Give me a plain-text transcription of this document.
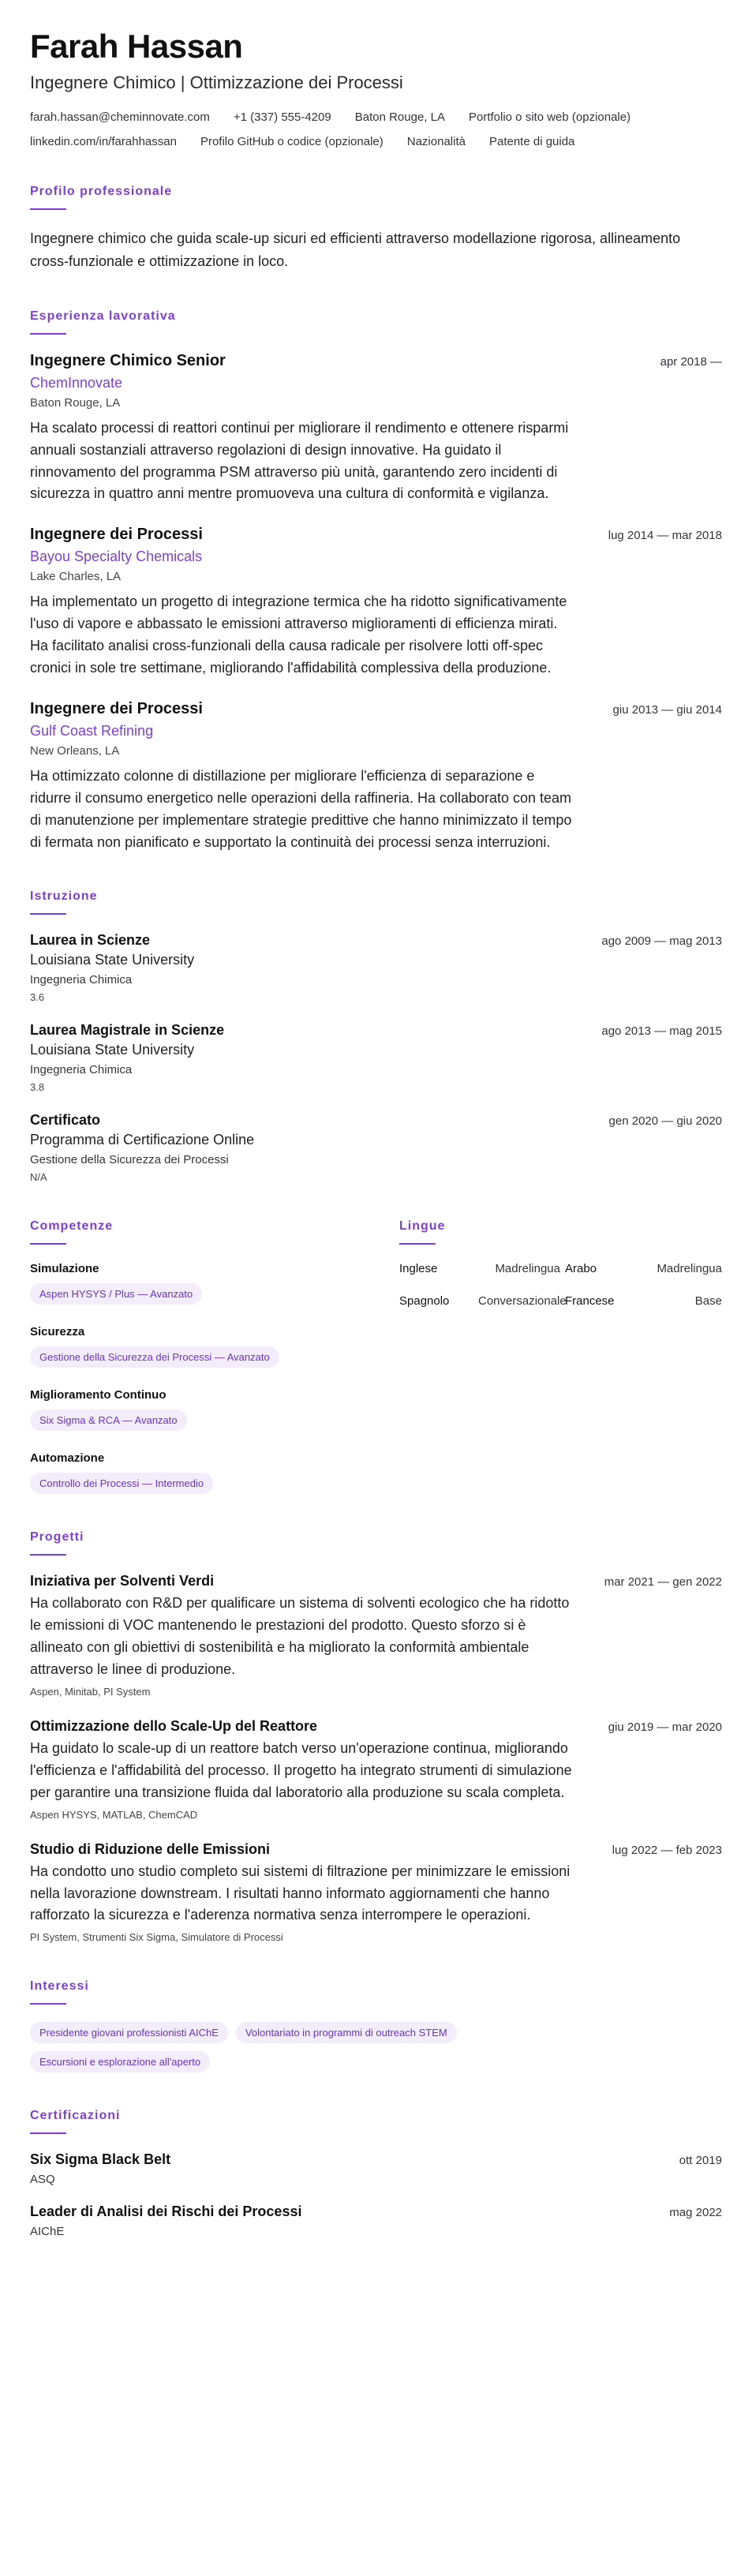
Farah Hassan
Ingegnere Chimico | Ottimizzazione dei Processi
farah.hassan@cheminnovate.com +1 (337) 555-4209 Baton Rouge, LA Portfolio o sito web (opzionale)
linkedin.com/in/farahhassan Profilo GitHub o codice (opzionale) Nazionalità Patente di guida
Profilo professionale
Ingegnere chimico che guida scale-up sicuri ed efficienti attraverso modellazione rigorosa, allineamento cross-funzionale e ottimizzazione in loco.
Esperienza lavorativa
Ingegnere Chimico Senior	apr 2018 —
ChemInnovate
Baton Rouge, LA
Ha scalato processi di reattori continui per migliorare il rendimento e ottenere risparmi annuali sostanziali attraverso regolazioni di design innovative. Ha guidato il rinnovamento del programma PSM attraverso più unità, garantendo zero incidenti di sicurezza in quattro anni mentre promuoveva una cultura di conformità e vigilanza.
Ingegnere dei Processi	lug 2014 — mar 2018
Bayou Specialty Chemicals
Lake Charles, LA
Ha implementato un progetto di integrazione termica che ha ridotto significativamente l'uso di vapore e abbassato le emissioni attraverso miglioramenti di efficienza mirati. Ha facilitato analisi cross-funzionali della causa radicale per risolvere lotti off-spec cronici in sole tre settimane, migliorando l'affidabilità complessiva della produzione.
Ingegnere dei Processi	giu 2013 — giu 2014
Gulf Coast Refining
New Orleans, LA
Ha ottimizzato colonne di distillazione per migliorare l'efficienza di separazione e ridurre il consumo energetico nelle operazioni della raffineria. Ha collaborato con team di manutenzione per implementare strategie predittive che hanno minimizzato il tempo di fermata non pianificato e supportato la continuità dei processi senza interruzioni.
Istruzione
Laurea in Scienze	ago 2009 — mag 2013
Louisiana State University
Ingegneria Chimica
3.6
Laurea Magistrale in Scienze	ago 2013 — mag 2015
Louisiana State University
Ingegneria Chimica
3.8
Certificato	gen 2020 — giu 2020
Programma di Certificazione Online
Gestione della Sicurezza dei Processi
N/A
Competenze
Simulazione
Aspen HYSYS / Plus — Avanzato
Sicurezza
Gestione della Sicurezza dei Processi — Avanzato
Miglioramento Continuo
Six Sigma & RCA — Avanzato
Automazione
Controllo dei Processi — Intermedio
Lingue
Inglese	Madrelingua Arabo	Madrelingua
Spagnolo	Conversazionale
Francese	Base
Progetti
Iniziativa per Solventi Verdi	mar 2021 — gen 2022
Ha collaborato con R&D per qualificare un sistema di solventi ecologico che ha ridotto le emissioni di VOC mantenendo le prestazioni del prodotto. Questo sforzo si è allineato con gli obiettivi di sostenibilità e ha migliorato la conformità ambientale attraverso le linee di produzione.
Aspen, Minitab, PI System
Ottimizzazione dello Scale-Up del Reattore	giu 2019 — mar 2020
Ha guidato lo scale-up di un reattore batch verso un'operazione continua, migliorando l'efficienza e l'affidabilità del processo. Il progetto ha integrato strumenti di simulazione per garantire una transizione fluida dal laboratorio alla produzione su scala completa.
Aspen HYSYS, MATLAB, ChemCAD
Studio di Riduzione delle Emissioni	lug 2022 — feb 2023
Ha condotto uno studio completo sui sistemi di filtrazione per minimizzare le emissioni nella lavorazione downstream. I risultati hanno informato aggiornamenti che hanno rafforzato la sicurezza e l'aderenza normativa senza interrompere le operazioni.
PI System, Strumenti Six Sigma, Simulatore di Processi
Interessi
Presidente giovani professionisti AIChE	Volontariato in programmi di outreach STEM
Escursioni e esplorazione all'aperto
Certificazioni
Six Sigma Black Belt	ott 2019
ASQ
Leader di Analisi dei Rischi dei Processi	mag 2022
AIChE
